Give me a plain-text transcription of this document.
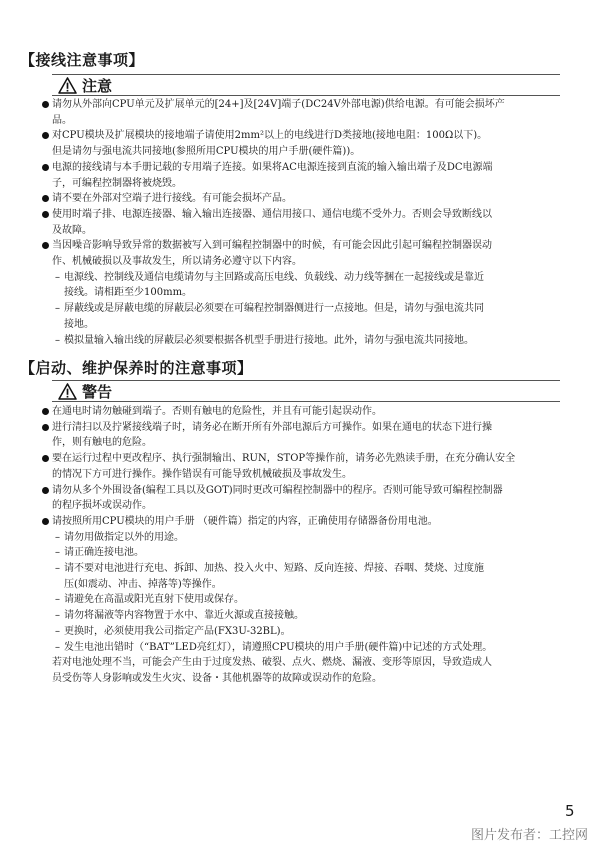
【接线注意事项】
注意
请勿从外部向CPU单元及扩展单元的[24+]及[24V]端子(DC24V外部电源)供给电源。有可能会损坏产
品。
对CPU模块及扩展模块的接地端子请使用2mm²以上的电线进行D类接地(接地电阻：100Ω以下)。
但是请勿与强电流共同接地(参照所用CPU模块的用户手册(硬件篇))。
电源的接线请与本手册记载的专用端子连接。如果将AC电源连接到直流的输入输出端子及DC电源端
子，可编程控制器将被烧毁。
请不要在外部对空端子进行接线。有可能会损坏产品。
使用时端子排、电源连接器、输入输出连接器、通信用接口、通信电缆不受外力。否则会导致断线以
及故障。
当因噪音影响导致异常的数据被写入到可编程控制器中的时候，有可能会因此引起可编程控制器误动
作、机械破损以及事故发生，所以请务必遵守以下内容。
– 电源线、控制线及通信电缆请勿与主回路或高压电线、负载线、动力线等捆在一起接线或是靠近
接线。请相距至少100mm。
– 屏蔽线或是屏蔽电缆的屏蔽层必须要在可编程控制器侧进行一点接地。但是，请勿与强电流共同
接地。
– 模拟量输入输出线的屏蔽层必须要根据各机型手册进行接地。此外，请勿与强电流共同接地。
【启动、维护保养时的注意事项】
警告
在通电时请勿触碰到端子。否则有触电的危险性，并且有可能引起误动作。
进行清扫以及拧紧接线端子时，请务必在断开所有外部电源后方可操作。如果在通电的状态下进行操
作，则有触电的危险。
要在运行过程中更改程序、执行强制输出、RUN，STOP等操作前，请务必先熟读手册，在充分确认安全
的情况下方可进行操作。操作错误有可能导致机械破损及事故发生。
请勿从多个外围设备(编程工具以及GOT)同时更改可编程控制器中的程序。否则可能导致可编程控制器
的程序损坏或误动作。
请按照所用CPU模块的用户手册 （硬件篇）指定的内容，正确使用存储器备份用电池。
– 请勿用做指定以外的用途。
– 请正确连接电池。
– 请不要对电池进行充电、拆卸、加热、投入火中、短路、反向连接、焊接、吞咽、焚烧、过度施
压(如震动、冲击、掉落等)等操作。
– 请避免在高温或阳光直射下使用或保存。
– 请勿将漏液等内容物置于水中、靠近火源或直接接触。
– 更换时，必须使用我公司指定产品(FX3U-32BL)。
– 发生电池出错时（“BAT”LED亮红灯），请遵照CPU模块的用户手册(硬件篇)中记述的方式处理。
若对电池处理不当，可能会产生由于过度发热、破裂、点火、燃烧、漏液、变形等原因，导致造成人
员受伤等人身影响或发生火灾、设备・其他机器等的故障或误动作的危险。
5
图片发布者：工控网
